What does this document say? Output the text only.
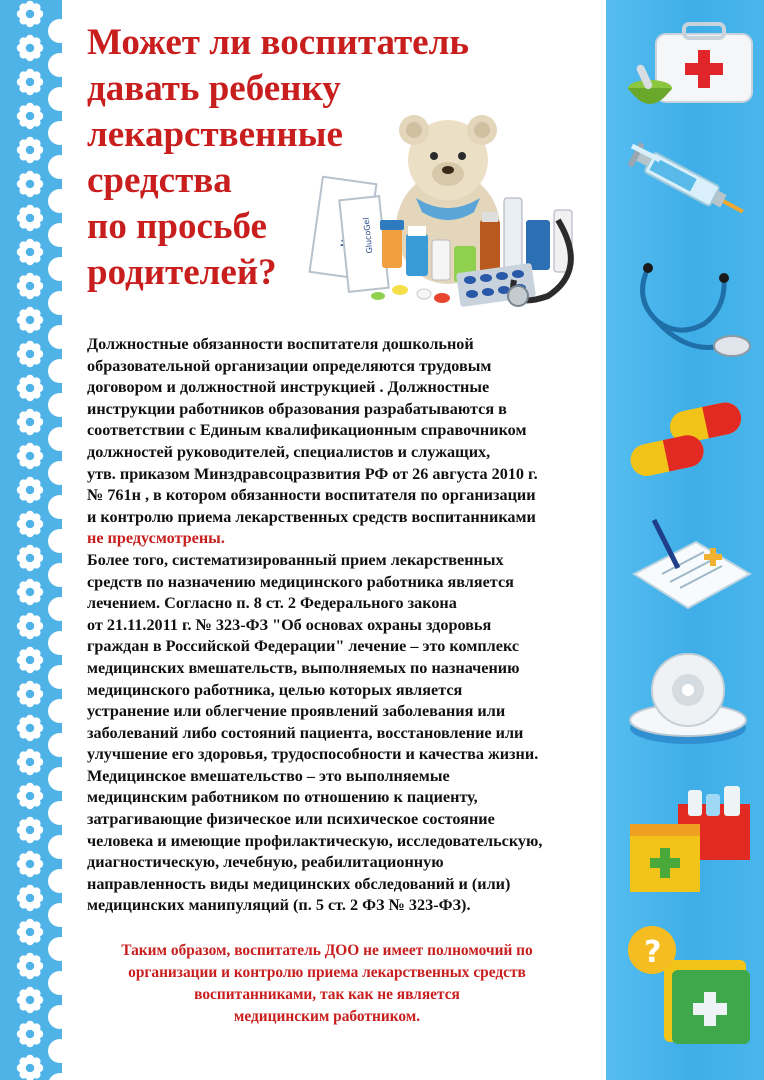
?
Может ли воспитатель
давать ребенку
лекарственные
средства
по просьбе
родителей?
GlucoGel
Должностные обязанности воспитателя дошкольной
образовательной организации определяются трудовым
договором и должностной инструкцией . Должностные
инструкции работников образования разрабатываются в
соответствии с Единым квалификационным справочником
должностей руководителей, специалистов и служащих,
утв. приказом Минздравсоцразвития РФ от 26 августа 2010 г.
№ 761н , в котором обязанности воспитателя по организации
и контролю приема лекарственных средств воспитанниками
не предусмотрены.
Более того, систематизированный прием лекарственных
средств по назначению медицинского работника является
лечением. Согласно п. 8 ст. 2 Федерального закона
от 21.11.2011 г. № 323-ФЗ "Об основах охраны здоровья
граждан в Российской Федерации" лечение – это комплекс
медицинских вмешательств, выполняемых по назначению
медицинского работника, целью которых является
устранение или облегчение проявлений заболевания или
заболеваний либо состояний пациента, восстановление или
улучшение его здоровья, трудоспособности и качества жизни.
Медицинское вмешательство – это выполняемые
медицинским работником по отношению к пациенту,
затрагивающие физическое или психическое состояние
человека и имеющие профилактическую, исследовательскую,
диагностическую, лечебную, реабилитационную
направленность виды медицинских обследований и (или)
медицинских манипуляций (п. 5 ст. 2 ФЗ № 323-ФЗ).
Таким образом, воспитатель ДОО не имеет полномочий по
организации и контролю приема лекарственных средств
воспитанниками, так как не является
медицинским работником.
